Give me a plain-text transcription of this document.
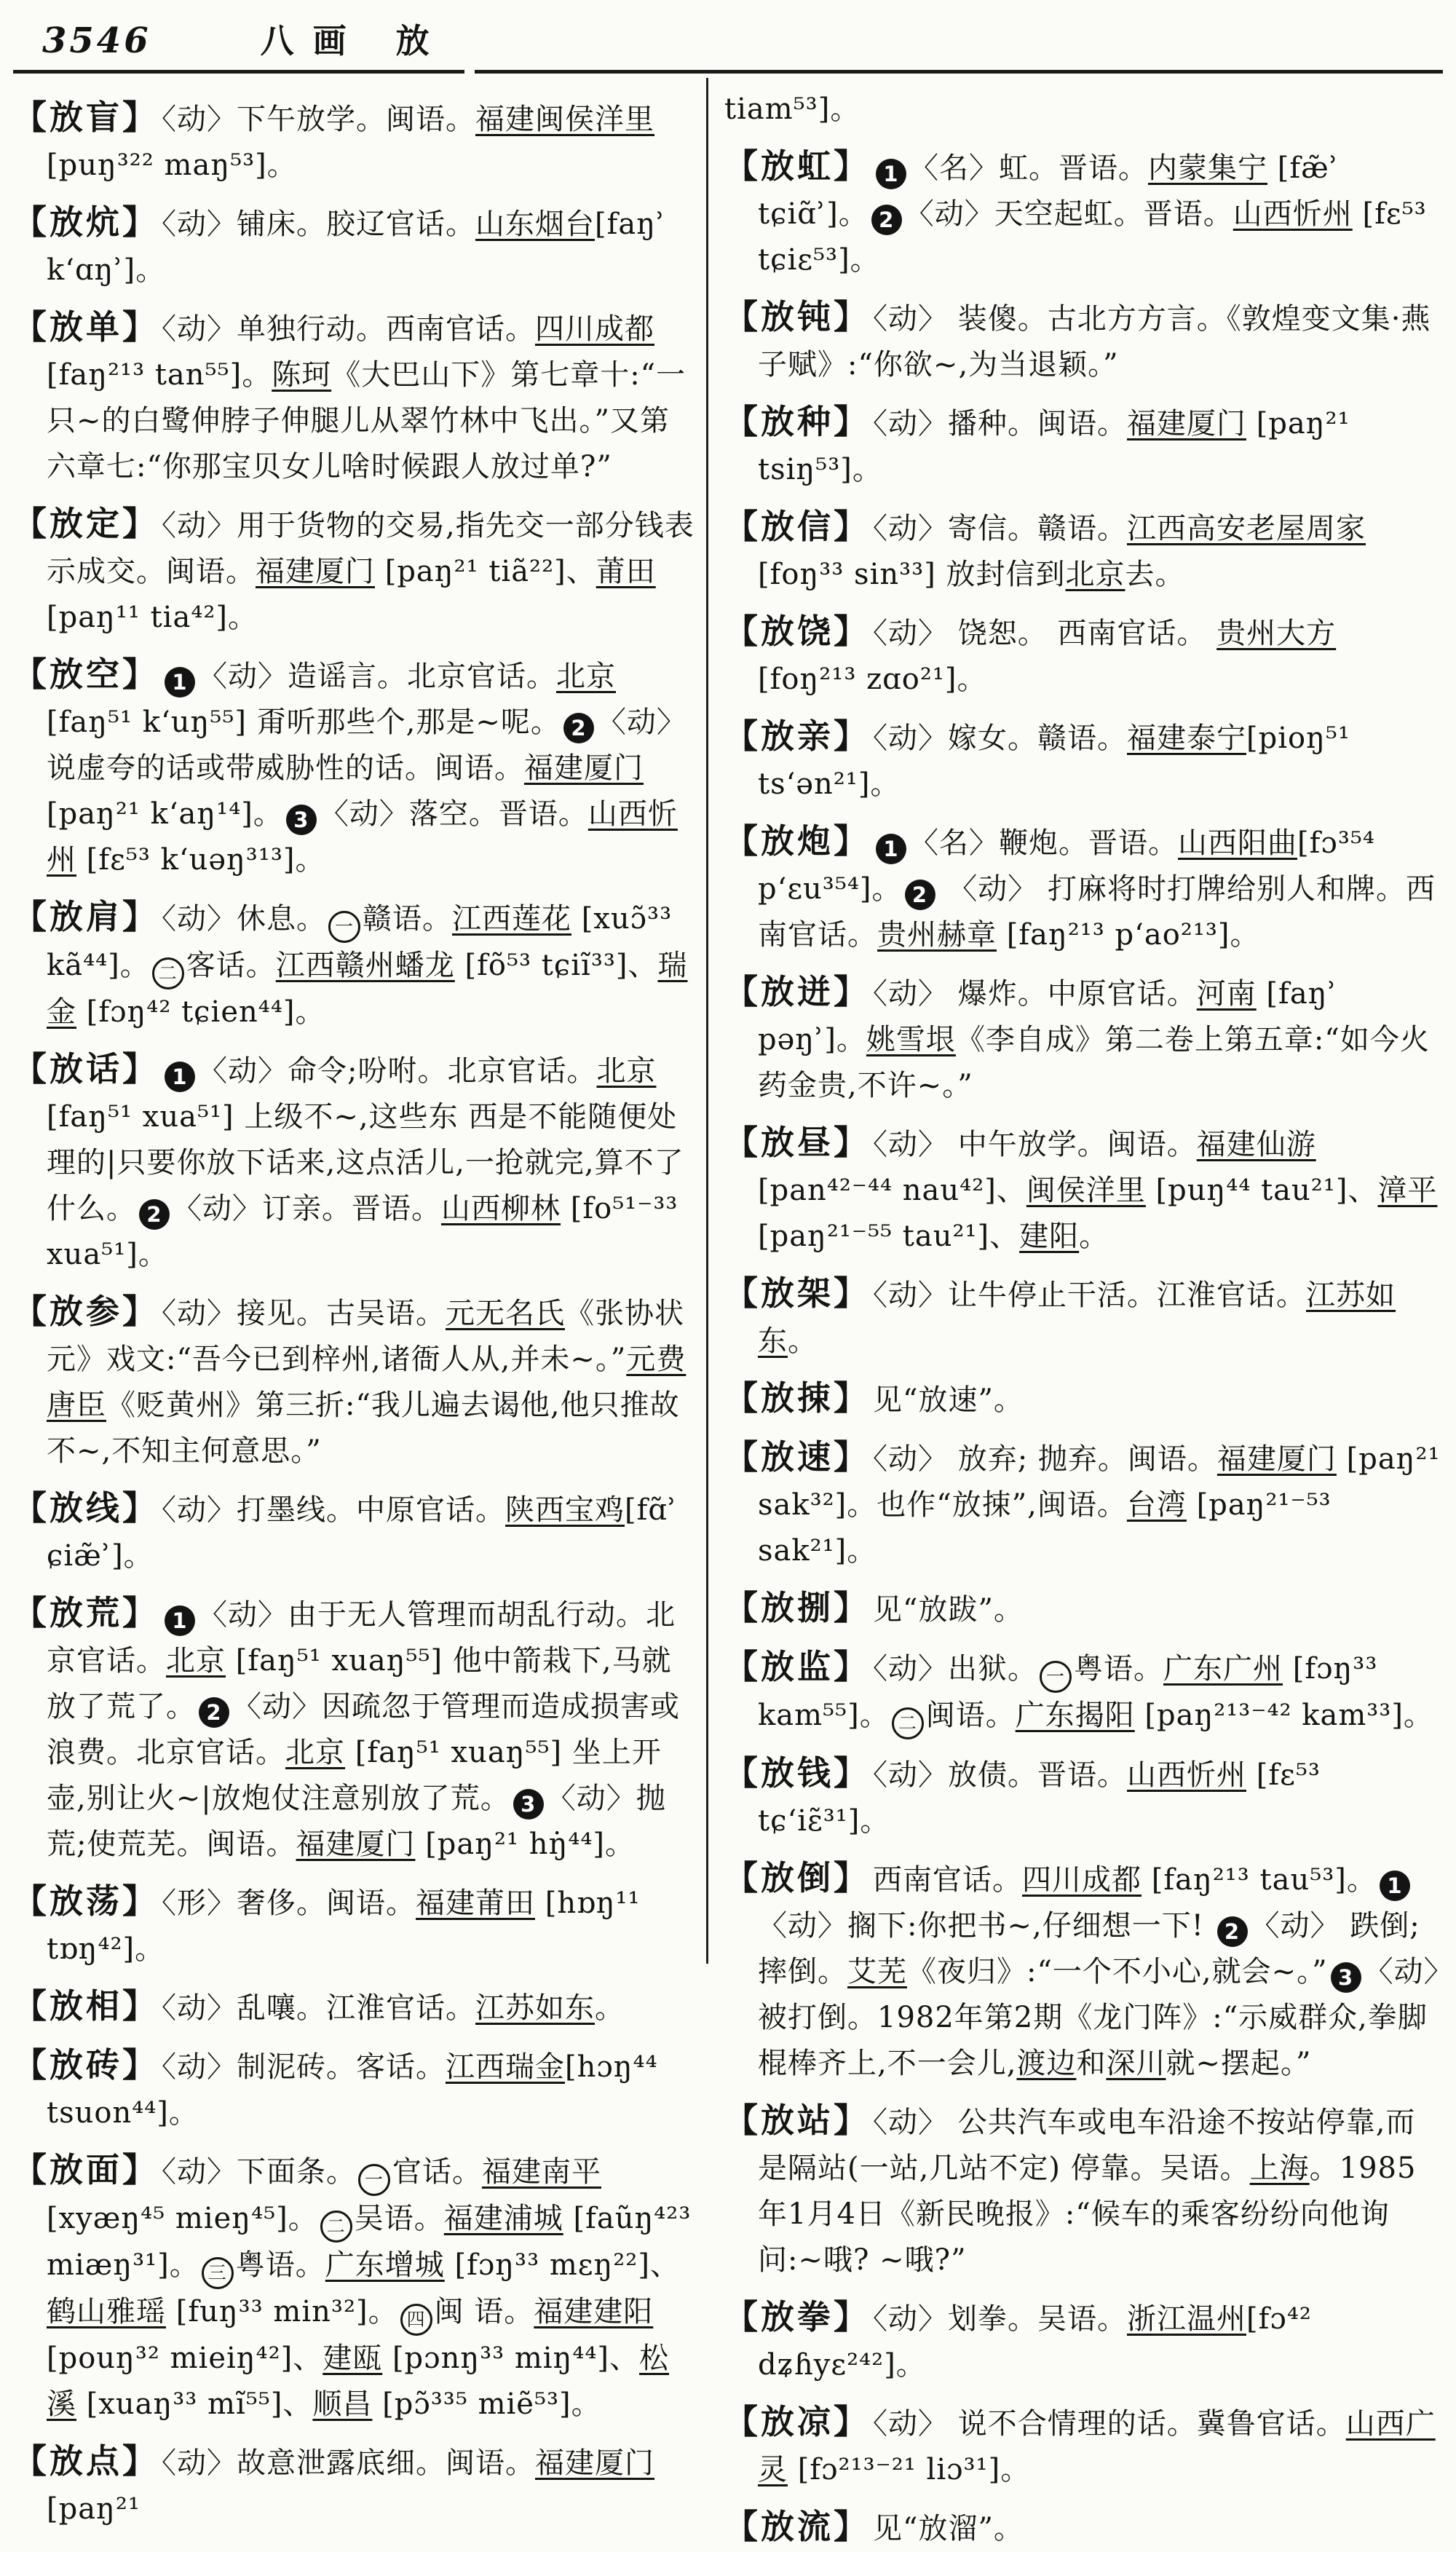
3546	八画 放
【放盲】 〈动〉下午放学。闽语。福建闽侯洋里 [puŋ³²² maŋ⁵³]。
【放炕】 〈动〉铺床。胶辽官话。山东烟台[faŋʾ kʻɑŋʾ]。
【放单】 〈动〉单独行动。西南官话。四川成都 [faŋ²¹³ tan⁵⁵]。陈珂《大巴山下》第七章十:“一只~的白鹭伸脖子伸腿儿从翠竹林中飞出。”又第六章七:“你那宝贝女儿啥时候跟人放过单?”
【放定】 〈动〉用于货物的交易,指先交一部分钱表示成交。闽语。福建厦门 [paŋ²¹ tiã²²]、莆田 [paŋ¹¹ tia⁴²]。
【放空】 1 〈动〉造谣言。北京官话。北京[faŋ⁵¹ kʻuŋ⁵⁵] 甭听那些个,那是~呢。 2 〈动〉说虚夸的话或带威胁性的话。闽语。福建厦门 [paŋ²¹ kʻaŋ¹⁴]。 3 〈动〉落空。晋语。山西忻州 [fɛ⁵³ kʻuəŋ³¹³]。
【放肩】 〈动〉休息。 一 赣语。江西莲花 [xuɔ̃³³ kã⁴⁴]。 二 客话。江西赣州蟠龙 [fõ⁵³ tɕiĩ³³]、瑞金 [fɔŋ⁴² tɕien⁴⁴]。
【放话】 1 〈动〉命令;吩咐。北京官话。北京 [faŋ⁵¹ xua⁵¹] 上级不~,这些东 西是不能随便处理的|只要你放下话来,这点活儿,一抢就完,算不了什么。 2 〈动〉订亲。晋语。山西柳林 [fo⁵¹⁻³³ xua⁵¹]。
【放参】 〈动〉接见。古吴语。元无名氏《张协状元》戏文:“吾今已到梓州,诸衙人从,并未~。”元费唐臣《贬黄州》第三折:“我儿遍去谒他,他只推故不~,不知主何意思。”
【放线】 〈动〉打墨线。中原官话。陕西宝鸡[fɑ̃ʾ ɕiæ̃ʾ]。
【放荒】 1 〈动〉由于无人管理而胡乱行动。北京官话。北京 [faŋ⁵¹ xuaŋ⁵⁵] 他中箭栽下,马就放了荒了。 2 〈动〉因疏忽于管理而造成损害或浪费。北京官话。北京 [faŋ⁵¹ xuaŋ⁵⁵] 坐上开壶,别让火~|放炮仗注意别放了荒。 3 〈动〉抛荒;使荒芜。闽语。福建厦门 [paŋ²¹ hŋ̇⁴⁴]。
【放荡】 〈形〉奢侈。闽语。福建莆田 [hɒŋ¹¹ tɒŋ⁴²]。
【放相】 〈动〉乱嚷。江淮官话。江苏如东。
【放砖】 〈动〉制泥砖。客话。江西瑞金[hɔŋ⁴⁴ tsuon⁴⁴]。
【放面】 〈动〉下面条。 一 官话。福建南平 [xyæŋ⁴⁵ mieŋ⁴⁵]。 二 吴语。福建浦城 [faũŋ⁴²³ miæŋ³¹]。 三 粤语。广东增城 [fɔŋ³³ mɛŋ²²]、鹤山雅瑶 [fuŋ³³ min³²]。 四 闽 语。福建建阳[pouŋ³² mieiŋ⁴²]、建瓯 [pɔnŋ³³ miŋ⁴⁴]、松溪 [xuaŋ³³ mĩ⁵⁵]、顺昌 [pɔ̃³³⁵ miẽ⁵³]。
【放点】 〈动〉故意泄露底细。闽语。福建厦门 [paŋ²¹
tiam⁵³]。
【放虹】 1 〈名〉虹。晋语。内蒙集宁 [fæ̃ʾ tɕiɑ̃ʾ]。 2 〈动〉天空起虹。晋语。山西忻州 [fɛ⁵³ tɕiɛ⁵³]。
【放钝】 〈动〉 装傻。古北方方言。《敦煌变文集·燕子赋》:“你欲~,为当退颖。”
【放种】 〈动〉播种。闽语。福建厦门 [paŋ²¹ tsiŋ⁵³]。
【放信】 〈动〉寄信。赣语。江西高安老屋周家 [foŋ³³ sin³³] 放封信到北京去。
【放饶】 〈动〉 饶恕。 西南官话。 贵州大方 [foŋ²¹³ zɑo²¹]。
【放亲】 〈动〉嫁女。赣语。福建泰宁[pioŋ⁵¹ tsʻən²¹]。
【放炮】 1 〈名〉鞭炮。晋语。山西阳曲[fɔ³⁵⁴ pʻɛu³⁵⁴]。 2 〈动〉 打麻将时打牌给别人和牌。西南官话。贵州赫章 [faŋ²¹³ pʻao²¹³]。
【放迸】 〈动〉 爆炸。中原官话。河南 [faŋʾ pəŋʾ]。姚雪垠《李自成》第二卷上第五章:“如今火药金贵,不许~。”
【放昼】 〈动〉 中午放学。闽语。福建仙游 [pan⁴²⁻⁴⁴ nau⁴²]、闽侯洋里 [puŋ⁴⁴ tau²¹]、漳平 [paŋ²¹⁻⁵⁵ tau²¹]、建阳。
【放架】 〈动〉让牛停止干活。江淮官话。江苏如东。
【放捒】 见“放速”。
【放速】 〈动〉 放弃; 抛弃。闽语。福建厦门 [paŋ²¹ sak³²]。也作“放捒”,闽语。台湾 [paŋ²¹⁻⁵³ sak²¹]。
【放捌】 见“放跋”。
【放监】 〈动〉出狱。 一 粤语。广东广州 [fɔŋ³³ kam⁵⁵]。 二 闽语。广东揭阳 [paŋ²¹³⁻⁴² kam³³]。
【放钱】 〈动〉放债。晋语。山西忻州 [fɛ⁵³ tɕʻiɛ̃³¹]。
【放倒】 西南官话。四川成都 [faŋ²¹³ tau⁵³]。 1〈动〉搁下:你把书~,仔细想一下! 2 〈动〉 跌倒; 摔倒。艾芜《夜归》:“一个不小心,就会~。” 3 〈动〉被打倒。1982年第2期《龙门阵》:“示威群众,拳脚棍棒齐上,不一会儿,渡边和深川就~摆起。”
【放站】 〈动〉 公共汽车或电车沿途不按站停靠,而是隔站(一站,几站不定) 停靠。吴语。上海。1985年1月4日《新民晚报》:“候车的乘客纷纷向他询问:~哦? ~哦?”
【放拳】 〈动〉划拳。吴语。浙江温州[fɔ⁴² dʑɦyɛ²⁴²]。
【放凉】 〈动〉 说不合情理的话。冀鲁官话。山西广灵 [fɔ²¹³⁻²¹ liɔ³¹]。
【放流】 见“放溜”。
